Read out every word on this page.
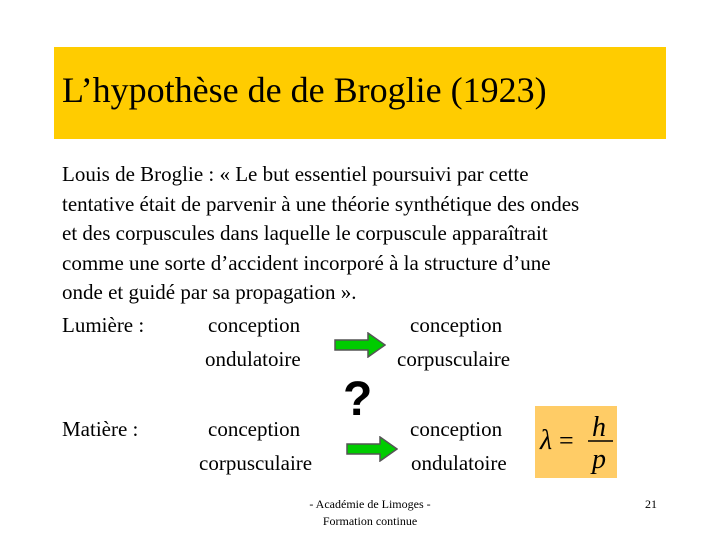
L’hypothèse de de Broglie (1923)
Louis de Broglie : « Le but essentiel poursuivi par cette
tentative était de parvenir à une théorie synthétique des ondes
et des corpuscules dans laquelle le corpuscule apparaîtrait
comme une sorte d’accident incorporé à la structure d’une
onde et guidé par sa propagation ».
Lumière :	conception
ondulatoire
conception
corpusculaire
?
Matière :	conception
corpusculaire
conception
ondulatoire
λ = h
p
- Académie de Limoges -
Formation continue
21
